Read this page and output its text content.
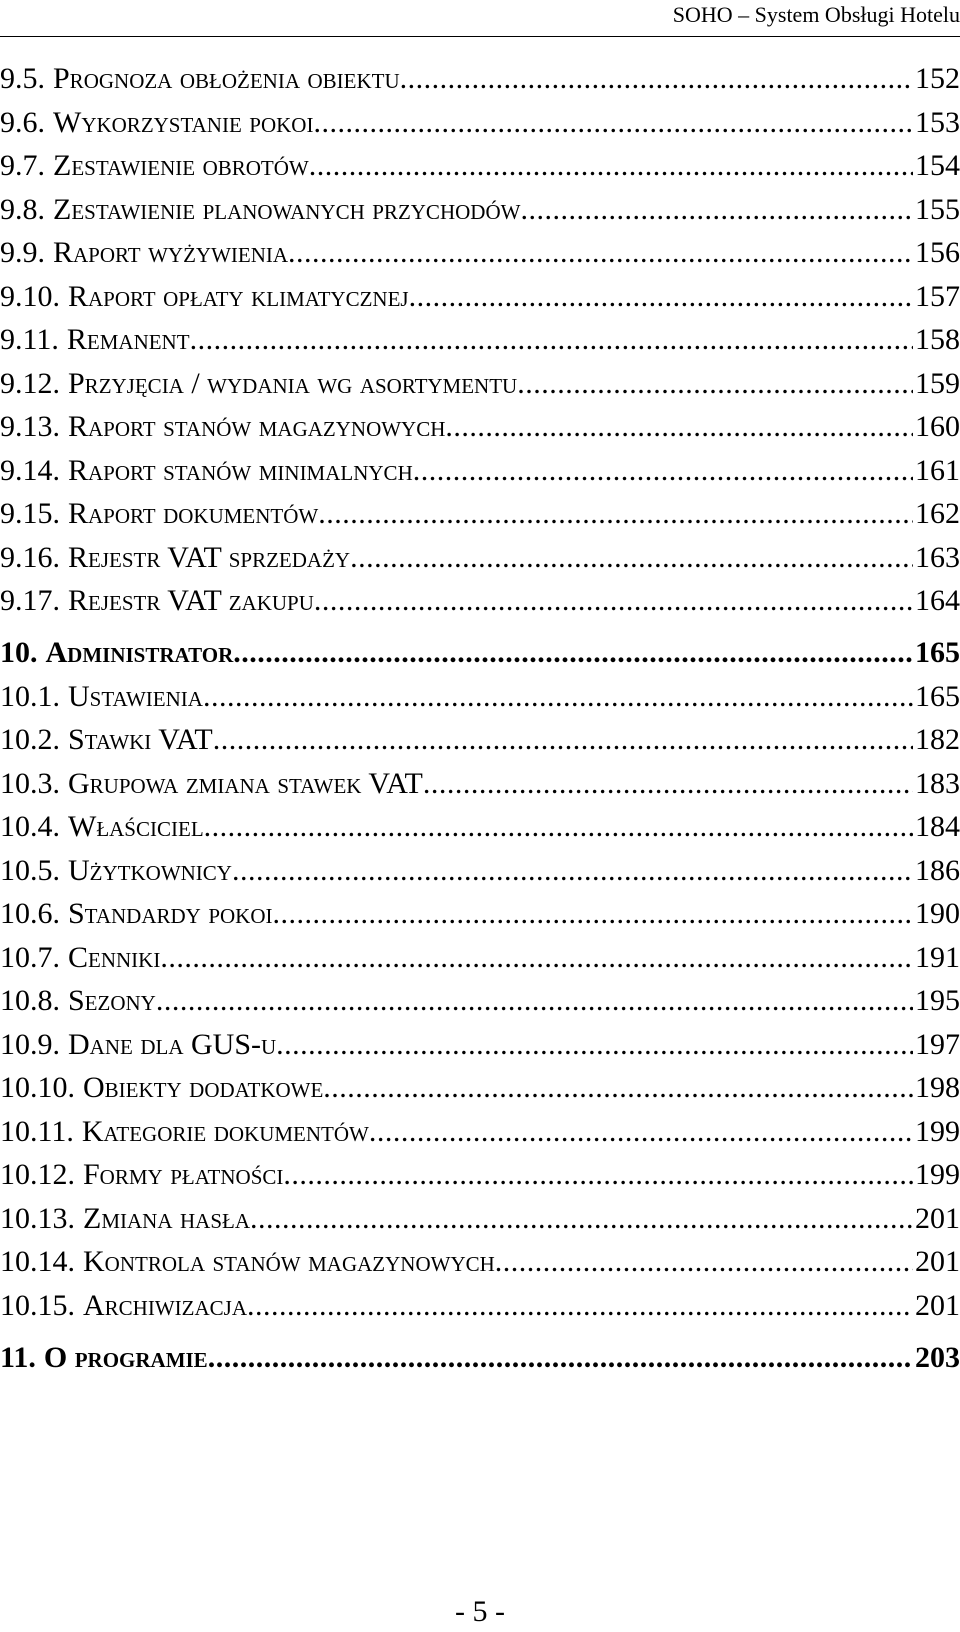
SOHO – System Obsługi Hotelu
9.5. Prognoza obłożenia obiektu .....	152
9.6. Wykorzystanie pokoi .....	153
9.7. Zestawienie obrotów .....	154
9.8. Zestawienie planowanych przychodów .....	155
9.9. Raport wyżywienia .....	156
9.10. Raport opłaty klimatycznej .....	157
9.11. Remanent .....	158
9.12. Przyjęcia / wydania wg asortymentu .....	159
9.13. Raport stanów magazynowych .....	160
9.14. Raport stanów minimalnych .....	161
9.15. Raport dokumentów .....	162
9.16. Rejestr VAT sprzedaży .....	163
9.17. Rejestr VAT zakupu .....	164
10. Administrator .....	165
10.1. Ustawienia .....	165
10.2. Stawki VAT .....	182
10.3. Grupowa zmiana stawek VAT .....	183
10.4. Właściciel .....	184
10.5. Użytkownicy .....	186
10.6. Standardy pokoi .....	190
10.7. Cenniki .....	191
10.8. Sezony .....	195
10.9. Dane dla GUS-u .....	197
10.10. Obiekty dodatkowe .....	198
10.11. Kategorie dokumentów .....	199
10.12. Formy płatności .....	199
10.13. Zmiana hasła .....	201
10.14. Kontrola stanów magazynowych .....	201
10.15. Archiwizacja .....	201
11. O programie .....	203
- 5 -
